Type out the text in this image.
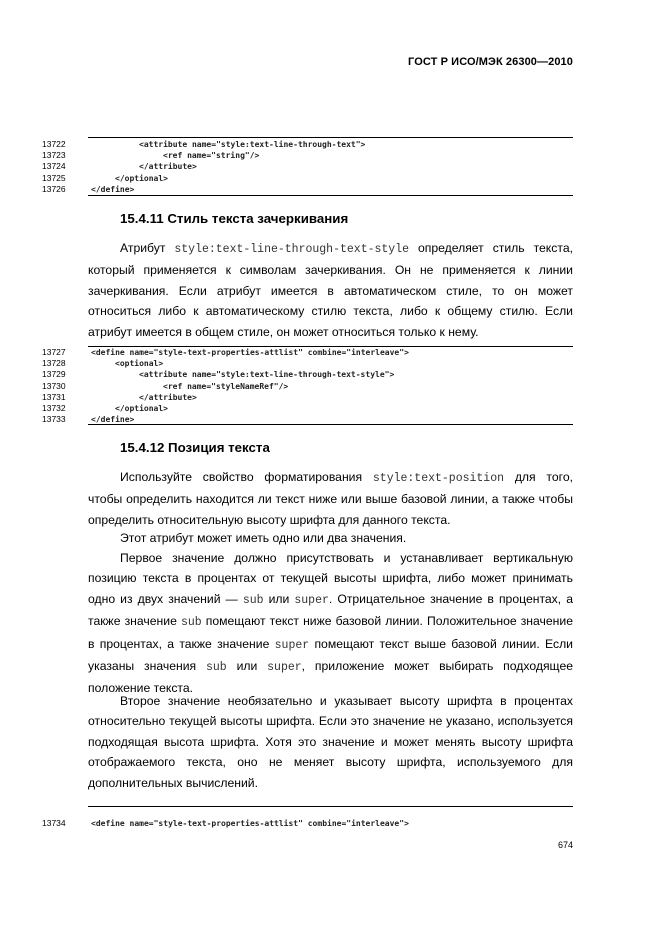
ГОСТ Р ИСО/МЭК 26300—2010
13722	<attribute name="style:text-line-through-text">
13723	<ref name="string"/>
13724	</attribute>
13725	</optional>
13726	</define>
15.4.11 Стиль текста зачеркивания
Атрибут style:text-line-through-text-style определяет стиль текста, который применяется к символам зачеркивания. Он не применяется к линии зачеркивания. Если атрибут имеется в автоматическом стиле, то он может относиться либо к автоматическому стилю текста, либо к общему стилю. Если атрибут имеется в общем стиле, он может относиться только к нему.
13727	<define name="style-text-properties-attlist" combine="interleave">
13728	<optional>
13729	<attribute name="style:text-line-through-text-style">
13730	<ref name="styleNameRef"/>
13731	</attribute>
13732	</optional>
13733	</define>
15.4.12 Позиция текста
Используйте свойство форматирования style:text-position для того, чтобы определить находится ли текст ниже или выше базовой линии, а также чтобы определить относительную высоту шрифта для данного текста.
Этот атрибут может иметь одно или два значения.
Первое значение должно присутствовать и устанавливает вертикальную позицию текста в процентах от текущей высоты шрифта, либо может принимать одно из двух значений — sub или super. Отрицательное значение в процентах, а также значение sub помещают текст ниже базовой линии. Положительное значение в процентах, а также значение super помещают текст выше базовой линии. Если указаны значения sub или super, приложение может выбирать подходящее положение текста.
Второе значение необязательно и указывает высоту шрифта в процентах относительно текущей высоты шрифта. Если это значение не указано, используется подходящая высота шрифта. Хотя это значение и может менять высоту шрифта отображаемого текста, оно не меняет высоту шрифта, используемого для дополнительных вычислений.
13734	<define name="style-text-properties-attlist" combine="interleave">
674
